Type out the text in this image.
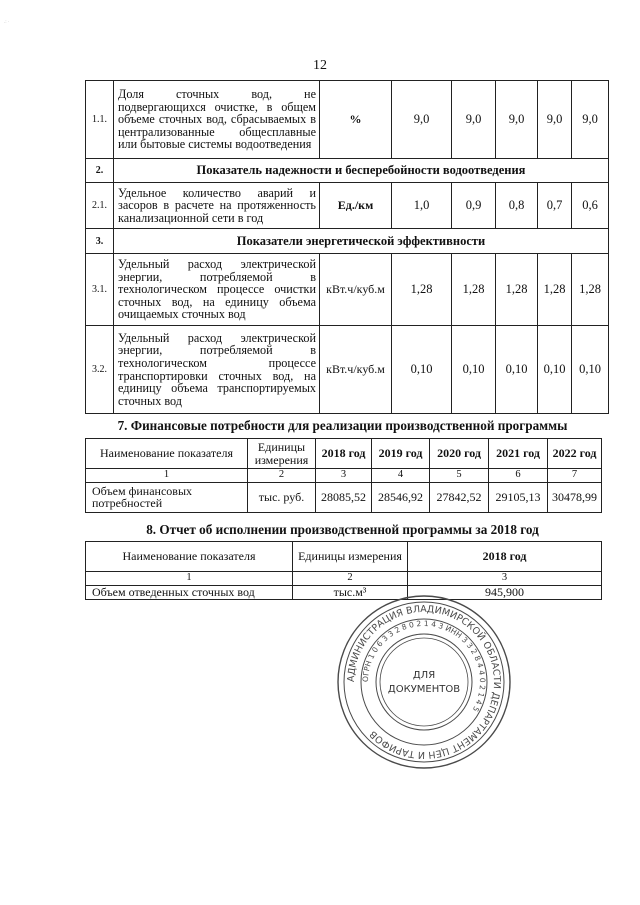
.: ·
12
1.1.	Доля сточных вод, не подвергающихся очистке, в общем объеме сточных вод, сбрасываемых в централизованные общесплавные или бытовые системы водоотведения	%	9,0	9,0	9,0	9,0	9,0
2.	Показатель надежности и бесперебойности водоотведения						
2.1.	Удельное количество аварий и засоров в расчете на протяженность канализационной сети в год	Ед./км	1,0	0,9	0,8	0,7	0,6
3.	Показатели энергетической эффективности						
3.1.	Удельный расход электрической энергии, потребляемой в технологическом процессе очистки сточных вод, на единицу объема очищаемых сточных вод	кВт.ч/куб.м	1,28	1,28	1,28	1,28	1,28
3.2.	Удельный расход электрической энергии, потребляемой в технологическом процессе транспортировки сточных вод, на единицу объема транспортируемых сточных вод	кВт.ч/куб.м	0,10	0,10	0,10	0,10	0,10
7. Финансовые потребности для реализации производственной программы
Наименование показателя	Единицы измерения	2018 год	2019 год	2020 год	2021 год	2022 год
1	2	3	4	5	6	7
Объем финансовых потребностей	тыс. руб.	28085,52	28546,92	27842,52	29105,13	30478,99
8. Отчет об исполнении производственной программы за 2018 год
Наименование показателя	Единицы измерения	2018 год
1	2	3
Объем отведенных сточных вод	тыс.м³	945,900
АДМИНИСТРАЦИЯ ВЛАДИМИРСКОЙ ОБЛАСТИ ДЕПАРТАМЕНТ ЦЕН И ТАРИФОВ
ОГРН 1 0 6 3 3 2 8 0 2 1 4 3 ИНН 3 3 2 8 4 4 0 2 1 4 5
ДЛЯ
ДОКУМЕНТОВ
